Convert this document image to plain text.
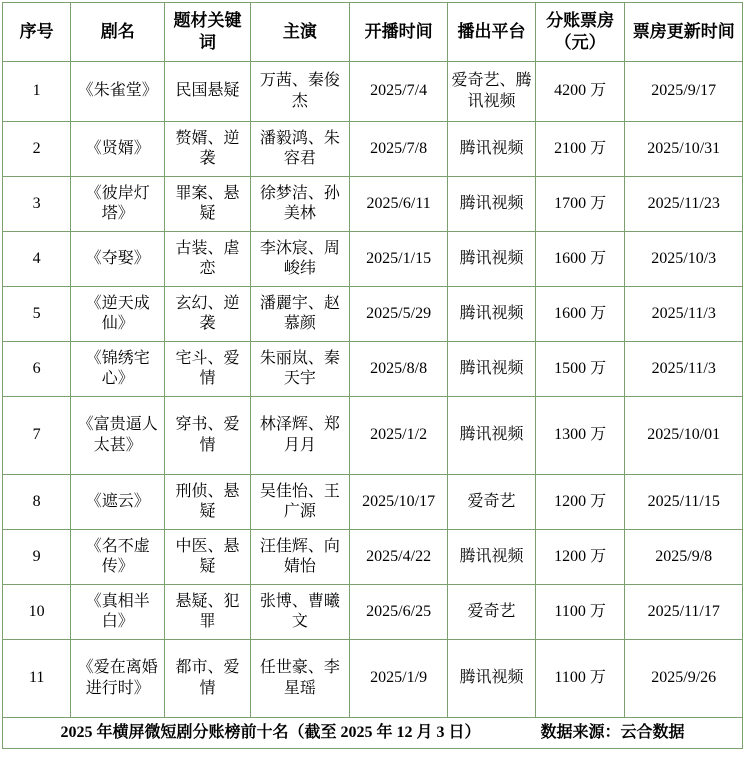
序号	剧名	题材关键词	主演	开播时间	播出平台	分账票房（元）	票房更新时间
1	《朱雀堂》	民国悬疑	万茜、秦俊杰	2025/7/4	爱奇艺、腾讯视频	4200 万	2025/9/17
2	《贤婿》	赘婿、逆袭	潘毅鸿、朱容君	2025/7/8	腾讯视频	2100 万	2025/10/31
3	《彼岸灯塔》	罪案、悬疑	徐梦洁、孙美林	2025/6/11	腾讯视频	1700 万	2025/11/23
4	《夺娶》	古装、虐恋	李沐宸、周峻纬	2025/1/15	腾讯视频	1600 万	2025/10/3
5	《逆天成仙》	玄幻、逆袭	潘麗宇、赵慕颜	2025/5/29	腾讯视频	1600 万	2025/11/3
6	《锦绣宅心》	宅斗、爱情	朱丽岚、秦天宇	2025/8/8	腾讯视频	1500 万	2025/11/3
7	《富贵逼人太甚》	穿书、爱情	林泽辉、郑月月	2025/1/2	腾讯视频	1300 万	2025/10/01
8	《遮云》	刑侦、悬疑	吴佳怡、王广源	2025/10/17	爱奇艺	1200 万	2025/11/15
9	《名不虚传》	中医、悬疑	汪佳辉、向婧怡	2025/4/22	腾讯视频	1200 万	2025/9/8
10	《真相半白》	悬疑、犯罪	张博、曹曦文	2025/6/25	爱奇艺	1100 万	2025/11/17
11	《爱在离婚进行时》	都市、爱情	任世豪、李星瑶	2025/1/9	腾讯视频	1100 万	2025/9/26

2025 年横屏微短剧分账榜前十名（截至 2025 年 12 月 3 日） 数据来源：云合数据							
